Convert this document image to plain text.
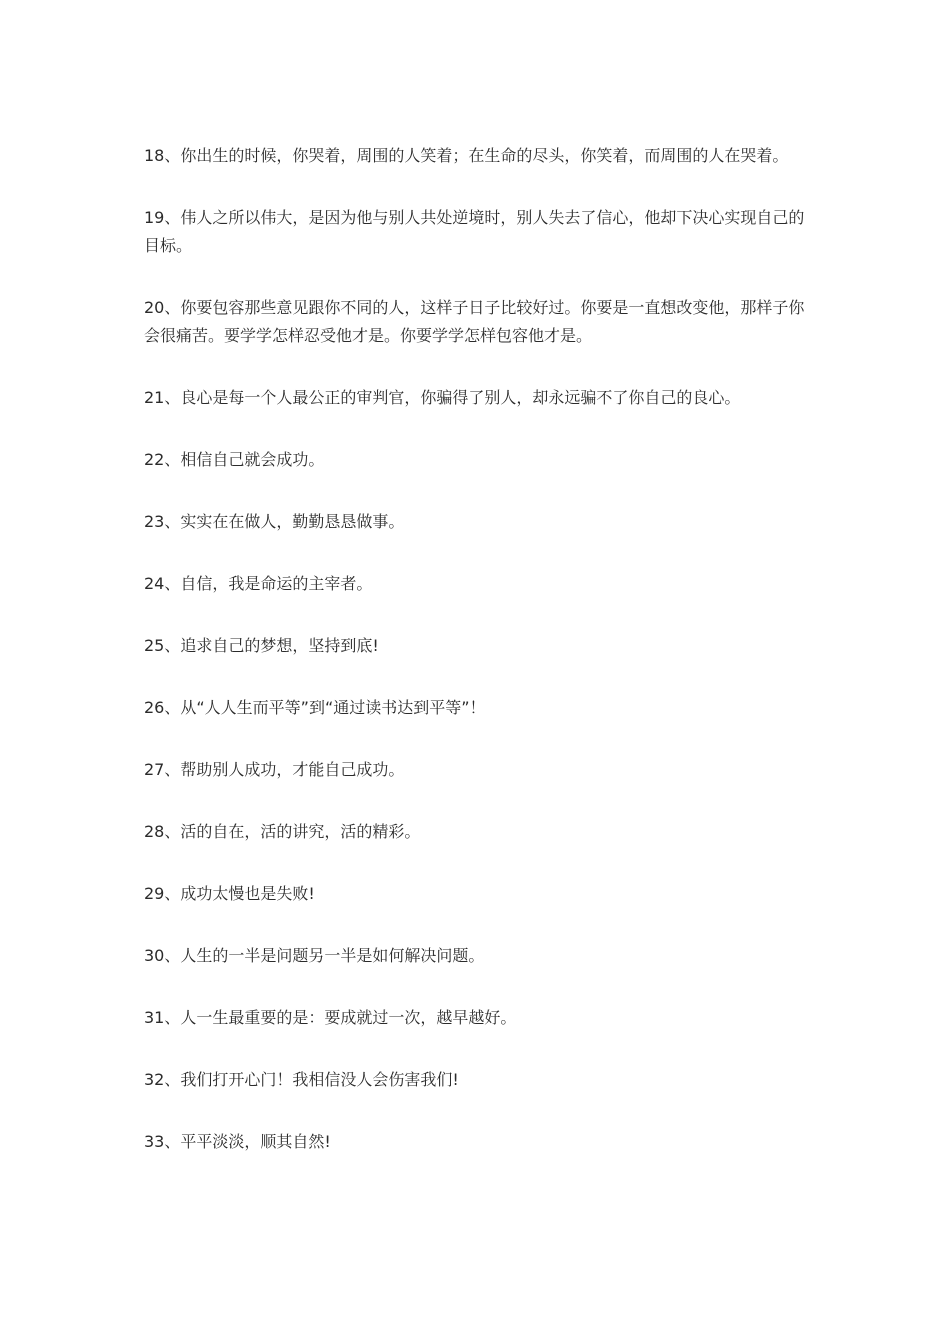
18、你出生的时候，你哭着，周围的人笑着；在生命的尽头，你笑着，而周围的人在哭着。

19、伟人之所以伟大，是因为他与别人共处逆境时，别人失去了信心，他却下决心实现自己的目标。

20、你要包容那些意见跟你不同的人，这样子日子比较好过。你要是一直想改变他，那样子你会很痛苦。要学学怎样忍受他才是。你要学学怎样包容他才是。

21、良心是每一个人最公正的审判官，你骗得了别人，却永远骗不了你自己的良心。

22、相信自己就会成功。

23、实实在在做人，勤勤恳恳做事。

24、自信，我是命运的主宰者。

25、追求自己的梦想，坚持到底!

26、从“人人生而平等”到“通过读书达到平等”！

27、帮助别人成功，才能自己成功。

28、活的自在，活的讲究，活的精彩。

29、成功太慢也是失败!

30、人生的一半是问题另一半是如何解决问题。

31、人一生最重要的是：要成就过一次，越早越好。

32、我们打开心门！我相信没人会伤害我们!

33、平平淡淡，顺其自然!
